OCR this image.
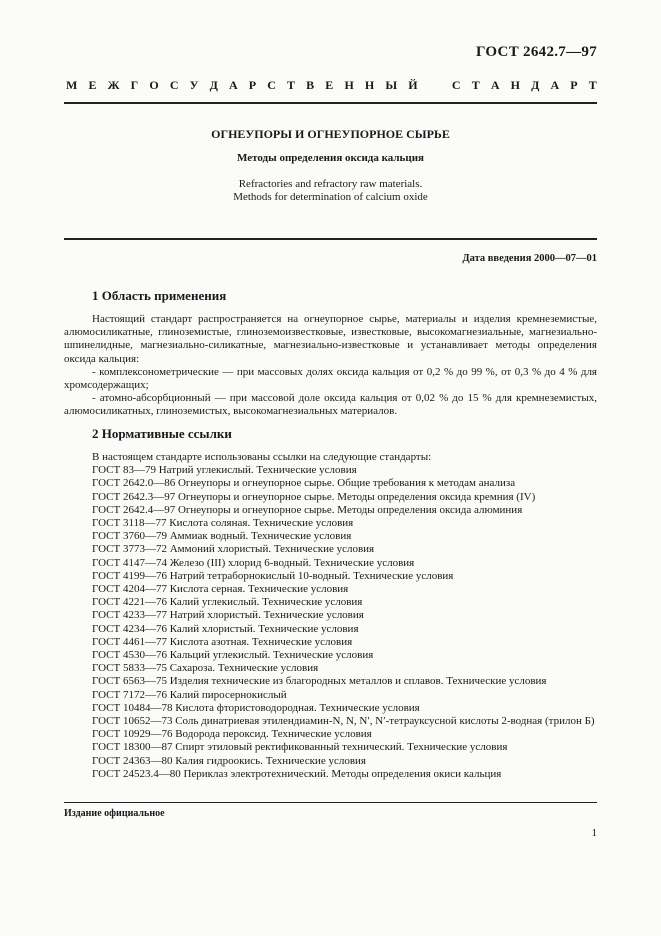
ГОСТ 2642.7—97
М Е Ж Г О С У Д А Р С Т В Е Н Н Ы Й	С Т А Н Д А Р Т
ОГНЕУПОРЫ И ОГНЕУПОРНОЕ СЫРЬЕ
Методы определения оксида кальция
Refractories and refractory raw materials.
Methods for determination of calcium oxide
Дата введения 2000—07—01
1 Область применения

Настоящий стандарт распространяется на огнеупорное сырье, материалы и изделия кремнеземистые, алюмосиликатные, глиноземистые, глиноземоизвестковые, известковые, высокомагнезиальные, магнезиально-шпинелидные, магнезиально-силикатные, магнезиально-известковые и устанавливает методы определения оксида кальция:

- комплексонометрические — при массовых долях оксида кальция от 0,2 % до 99 %, от 0,3 % до 4 % для хромсодержащих;

- атомно-абсорбционный — при массовой доле оксида кальция от 0,02 % до 15 % для кремнеземистых, алюмосиликатных, глиноземистых, высокомагнезиальных материалов.

2 Нормативные ссылки

В настоящем стандарте использованы ссылки на следующие стандарты:

ГОСТ 83—79 Натрий углекислый. Технические условия
ГОСТ 2642.0—86 Огнеупоры и огнеупорное сырье. Общие требования к методам анализа
ГОСТ 2642.3—97 Огнеупоры и огнеупорное сырье. Методы определения оксида кремния (IV)
ГОСТ 2642.4—97 Огнеупоры и огнеупорное сырье. Методы определения оксида алюминия
ГОСТ 3118—77 Кислота соляная. Технические условия
ГОСТ 3760—79 Аммиак водный. Технические условия
ГОСТ 3773—72 Аммоний хлористый. Технические условия
ГОСТ 4147—74 Железо (III) хлорид 6-водный. Технические условия
ГОСТ 4199—76 Натрий тетраборнокислый 10-водный. Технические условия
ГОСТ 4204—77 Кислота серная. Технические условия
ГОСТ 4221—76 Калий углекислый. Технические условия
ГОСТ 4233—77 Натрий хлористый. Технические условия
ГОСТ 4234—76 Калий хлористый. Технические условия
ГОСТ 4461—77 Кислота азотная. Технические условия
ГОСТ 4530—76 Кальций углекислый. Технические условия
ГОСТ 5833—75 Сахароза. Технические условия
ГОСТ 6563—75 Изделия технические из благородных металлов и сплавов. Технические условия
ГОСТ 7172—76 Калий пиросернокислый
ГОСТ 10484—78 Кислота фтористоводородная. Технические условия
ГОСТ 10652—73 Соль динатриевая этилендиамин-N, N, N′, N′-тетрауксусной кислоты 2-водная (трилон Б)
ГОСТ 10929—76 Водорода пероксид. Технические условия
ГОСТ 18300—87 Спирт этиловый ректификованный технический. Технические условия
ГОСТ 24363—80 Калия гидроокись. Технические условия
ГОСТ 24523.4—80 Периклаз электротехнический. Методы определения окиси кальция
Издание официальное
1
